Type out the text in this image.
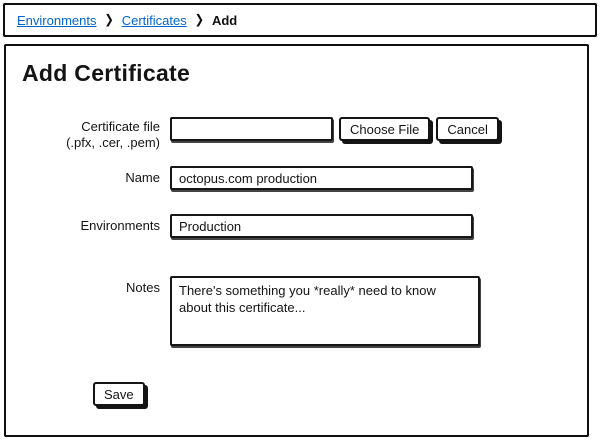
Environments ❯ Certificates ❯ Add
Add Certificate
Certificate file
(.pfx, .cer, .pem)
Choose File	Cancel
Name
octopus.com production
Environments
Production
Notes
There's something you *really* need to know about this certificate...
Save
